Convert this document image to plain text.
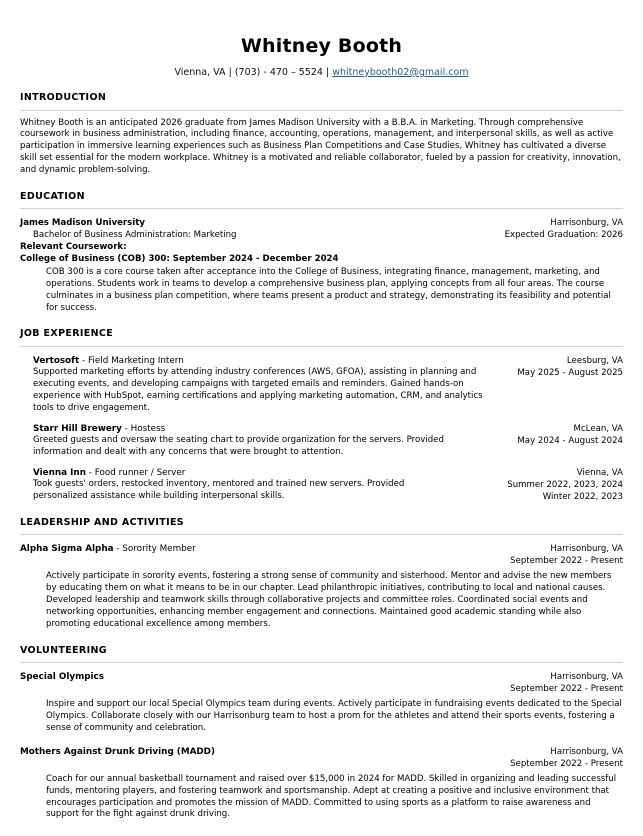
Whitney Booth

Vienna, VA | (703) - 470 – 5524 | whitneybooth02@gmail.com

INTRODUCTION

Whitney Booth is an anticipated 2026 graduate from James Madison University with a B.B.A. in Marketing. Through comprehensive coursework in business administration, including finance, accounting, operations, management, and interpersonal skills, as well as active participation in immersive learning experiences such as Business Plan Competitions and Case Studies, Whitney has cultivated a diverse skill set essential for the modern workplace. Whitney is a motivated and reliable collaborator, fueled by a passion for creativity, innovation, and dynamic problem-solving.

EDUCATION

James Madison University	Harrisonburg, VA

Bachelor of Business Administration: Marketing	Expected Graduation: 2026

Relevant Coursework:

College of Business (COB) 300: September 2024 - December 2024

COB 300 is a core course taken after acceptance into the College of Business, integrating finance, management, marketing, and operations. Students work in teams to develop a comprehensive business plan, applying concepts from all four areas. The course culminates in a business plan competition, where teams present a product and strategy, demonstrating its feasibility and potential for success.

JOB EXPERIENCE

Vertosoft - Field Marketing Intern	Leesburg, VA

Supported marketing efforts by attending industry conferences (AWS, GFOA), assisting in planning and executing events, and developing campaigns with targeted emails and reminders. Gained hands-on experience with HubSpot, earning certifications and applying marketing automation, CRM, and analytics tools to drive engagement.

May 2025 - August 2025

Starr Hill Brewery - Hostess	McLean, VA

Greeted guests and oversaw the seating chart to provide organization for the servers. Provided information and dealt with any concerns that were brought to attention.

May 2024 - August 2024

Vienna Inn - Food runner / Server	Vienna, VA

Took guests' orders, restocked inventory, mentored and trained new servers. Provided personalized assistance while building interpersonal skills.

Summer 2022, 2023, 2024

Winter 2022, 2023

LEADERSHIP AND ACTIVITIES

Alpha Sigma Alpha - Sorority Member	Harrisonburg, VA

September 2022 - Present

Actively participate in sorority events, fostering a strong sense of community and sisterhood. Mentor and advise the new members by educating them on what it means to be in our chapter. Lead philanthropic initiatives, contributing to local and national causes. Developed leadership and teamwork skills through collaborative projects and committee roles. Coordinated social events and networking opportunities, enhancing member engagement and connections. Maintained good academic standing while also promoting educational excellence among members.

VOLUNTEERING

Special Olympics	Harrisonburg, VA

September 2022 - Present

Inspire and support our local Special Olympics team during events. Actively participate in fundraising events dedicated to the Special Olympics. Collaborate closely with our Harrisonburg team to host a prom for the athletes and attend their sports events, fostering a sense of community and celebration.

Mothers Against Drunk Driving (MADD)	Harrisonburg, VA

September 2022 - Present

Coach for our annual basketball tournament and raised over $15,000 in 2024 for MADD. Skilled in organizing and leading successful funds, mentoring players, and fostering teamwork and sportsmanship. Adept at creating a positive and inclusive environment that encourages participation and promotes the mission of MADD. Committed to using sports as a platform to raise awareness and support for the fight against drunk driving.
